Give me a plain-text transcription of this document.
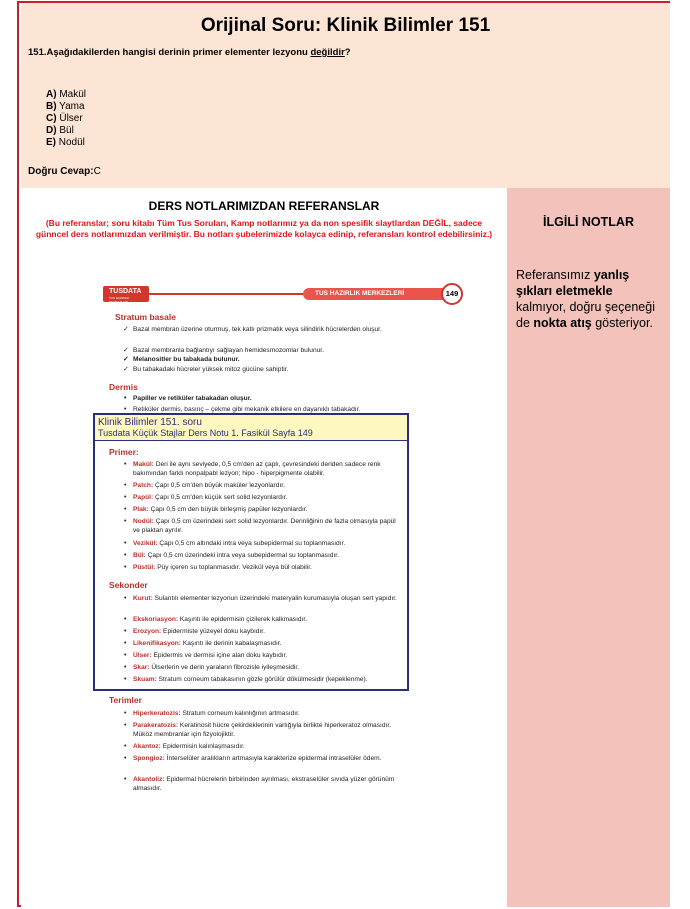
Orijinal Soru: Klinik Bilimler 151
151.Aşağıdakilerden hangisi derinin primer elementer lezyonu değildir?
A) Makül
B) Yama
C) Ülser
D) Bül
E) Nodül
Doğru Cevap:C
DERS NOTLARIMIZDAN REFERANSLAR
(Bu referanslar; soru kitabı Tüm Tus Soruları, Kamp notlarımız ya da non spesifik slaytlardan DEĞİL, sadece günncel ders notlarımızdan verilmiştir. Bu notları şubelerimizde kolayca edinip, referansları kontrol edebilirsiniz.)
TUSDATA
TUS HAZIRLIK MERKEZLERİ
TUS HAZIRLIK MERKEZLERİ	149
Stratum basale
✓ Bazal membran üzerine oturmuş, tek katlı prizmatik veya silindirik hücrelerden oluşur.
✓ Bazal membranla bağlantıyı sağlayan hemidesmozomlar bulunur.
✓ Melanositler bu tabakada bulunur.
✓ Bu tabakadaki hücreler yüksek mitoz gücüne sahiptir.
Dermis
• Papiller ve retiküler tabakadan oluşur.
• Retiküler dermis, basınç – çekme gibi mekanik etkilere en dayanıklı tabakadır.
Klinik Bilimler 151. soru
Tusdata Küçük Stajlar Ders Notu 1. Fasikül Sayfa 149
Primer:
• Makül: Deri ile aynı seviyede, 0,5 cm'den az çaplı, çevresindeki deriden sadece renk bakımından farklı nonpalpabl lezyon; hipo - hiperpigmente olabilir.
• Patch: Çapı 0,5 cm'den büyük maküler lezyonlardır.
• Papül: Çapı 0,5 cm'den küçük sert solid lezyonlardır.
• Plak: Çapı 0,5 cm den büyük birleşmiş papüler lezyonlardır.
• Nodül: Çapı 0,5 cm üzerindeki sert solid lezyonlardır. Derinliğinin de fazla olmasıyla papül ve plaktan ayrılır.
• Vezikül: Çapı 0,5 cm altındaki intra veya subepidermal su toplanmasıdır.
• Bül: Çapı 0,5 cm üzerindeki intra veya subepidermal su toplanmasıdır.
• Püstül: Püy içeren su toplanmasıdır. Vezikül veya bül olabilir.
Sekonder
• Kurut: Sulantılı elementer lezyonun üzerindeki materyalin kurumasıyla oluşan sert yapıdır.
• Ekskoriasyon: Kaşıntı ile epidermisin çizilerek kalkmasıdır.
• Erozyon: Epidermiste yüzeyel doku kaybıdır.
• Likenifikasyon: Kaşıntı ile derinin kabalaşmasıdır.
• Ülser: Epidermis ve dermisi içine alan doku kaybıdır.
• Skar: Ülserlerin ve derin yaraların fibrozisle iyileşmesidir.
• Skuam: Stratum corneum tabakasının gözle görülür dökülmesidir (kepeklenme).
Terimler
• Hiperkeratozis: Stratum corneum kalınlığının artmasıdır.
• Parakeratozis: Keratinosit hücre çekirdeklerinin varlığıyla birlikte hiperkeratoz olmasıdır. Müköz membranlar için fizyolojiktir.
• Akantoz: Epidermisin kalınlaşmasıdır.
• Spongioz: İnterselüler aralıkların artmasıyla karakterize epidermal intraselüler ödem.
• Akantoliz: Epidermal hücrelerin birbirinden ayrılması, ekstraselüler sıvıda yüzer görünüm almasıdır.
İLGİLİ NOTLAR
Referansımız yanlış şıkları eletmekle kalmıyor, doğru şeçeneği de nokta atış gösteriyor.
